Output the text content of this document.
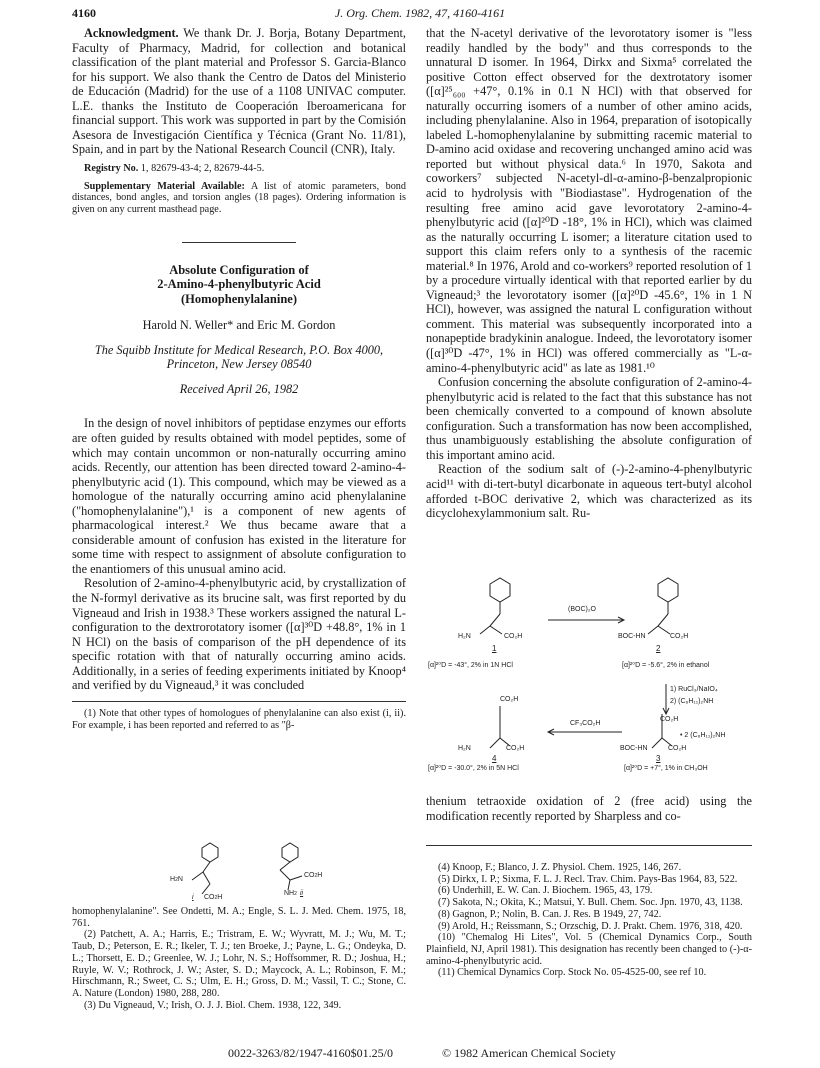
4160	J. Org. Chem. 1982, 47, 4160-4161

Acknowledgment. We thank Dr. J. Borja, Botany Department, Faculty of Pharmacy, Madrid, for collection and botanical classification of the plant material and Professor S. Garcia-Blanco for his support. We also thank the Centro de Datos del Ministerio de Educación (Madrid) for the use of a 1108 UNIVAC computer. L.E. thanks the Instituto de Cooperación Iberoamericana for financial support. This work was supported in part by the Comisión Asesora de Investigación Científica y Técnica (Grant No. 11/81), Spain, and in part by the National Research Council (CNR), Italy.

Registry No. 1, 82679-43-4; 2, 82679-44-5.

Supplementary Material Available: A list of atomic parameters, bond distances, bond angles, and torsion angles (18 pages). Ordering information is given on any current masthead page.

Absolute Configuration of
2-Amino-4-phenylbutyric Acid
(Homophenylalanine)
Harold N. Weller* and Eric M. Gordon
The Squibb Institute for Medical Research, P.O. Box 4000,
Princeton, New Jersey 08540
Received April 26, 1982

In the design of novel inhibitors of peptidase enzymes our efforts are often guided by results obtained with model peptides, some of which may contain uncommon or non-naturally occurring amino acids. Recently, our attention has been directed toward 2-amino-4-phenylbutyric acid (1). This compound, which may be viewed as a homologue of the naturally occurring amino acid phenylalanine ("homophenylalanine"),¹ is a component of new agents of pharmacological interest.² We thus became aware that a considerable amount of confusion has existed in the literature for some time with respect to assignment of absolute configuration to the enantiomers of this unusual amino acid.

Resolution of 2-amino-4-phenylbutyric acid, by crystallization of the N-formyl derivative as its brucine salt, was first reported by du Vigneaud and Irish in 1938.³ These workers assigned the natural L-configuration to the dextrorotatory isomer ([α]³⁰D +48.8°, 1% in 1 N HCl) on the basis of comparison of the pH dependence of its specific rotation with that of naturally occurring amino acids. Additionally, in a series of feeding experiments initiated by Knoop⁴ and verified by du Vigneaud,³ it was concluded

(1) Note that other types of homologues of phenylalanine can also exist (i, ii). For example, i has been reported and referred to as "β-

H2N
CO2H
i
CO2H
NH2 ii

homophenylalanine". See Ondetti, M. A.; Engle, S. L. J. Med. Chem. 1975, 18, 761.

(2) Patchett, A. A.; Harris, E.; Tristram, E. W.; Wyvratt, M. J.; Wu, M. T.; Taub, D.; Peterson, E. R.; Ikeler, T. J.; ten Broeke, J.; Payne, L. G.; Ondeyka, D. L.; Thorsett, E. D.; Greenlee, W. J.; Lohr, N. S.; Hoffsommer, R. D.; Joshua, H.; Ruyle, W. V.; Rothrock, J. W.; Aster, S. D.; Maycock, A. L.; Robinson, F. M.; Hirschmann, R.; Sweet, C. S.; Ulm, E. H.; Gross, D. M.; Vassil, T. C.; Stone, C. A. Nature (London) 1980, 288, 280.

(3) Du Vigneaud, V.; Irish, O. J. J. Biol. Chem. 1938, 122, 349.

that the N-acetyl derivative of the levorotatory isomer is "less readily handled by the body" and thus corresponds to the unnatural D isomer. In 1964, Dirkx and Sixma⁵ correlated the positive Cotton effect observed for the dextrotatory isomer ([α]²⁵₆₀₀ +47°, 0.1% in 0.1 N HCl) with that observed for naturally occurring isomers of a number of other amino acids, including phenylalanine. Also in 1964, preparation of isotopically labeled L-homophenylalanine by submitting racemic material to D-amino acid oxidase and recovering unchanged amino acid was reported but without physical data.⁶ In 1970, Sakota and coworkers⁷ subjected N-acetyl-dl-α-amino-β-benzalpropionic acid to hydrolysis with "Biodiastase". Hydrogenation of the resulting free amino acid gave levorotatory 2-amino-4-phenylbutyric acid ([α]²⁰D -18°, 1% in HCl), which was claimed as the naturally occurring L isomer; a literature citation used to support this claim refers only to a synthesis of the racemic material.⁸ In 1976, Arold and co-workers⁹ reported resolution of 1 by a procedure virtually identical with that reported earlier by du Vigneaud;³ the levorotatory isomer ([α]²⁰D -45.6°, 1% in 1 N HCl), however, was assigned the natural L configuration without comment. This material was subsequently incorporated into a nonapeptide bradykinin analogue. Indeed, the levorotatory isomer ([α]³⁰D -47°, 1% in HCl) was offered commercially as "L-α-amino-4-phenylbutyric acid" as late as 1981.¹⁰

Confusion concerning the absolute configuration of 2-amino-4-phenylbutyric acid is related to the fact that this substance has not been chemically converted to a compound of known absolute configuration. Such a transformation has now been accomplished, thus unambiguously establishing the absolute configuration of this important amino acid.

Reaction of the sodium salt of (-)-2-amino-4-phenylbutyric acid¹¹ with di-tert-butyl dicarbonate in aqueous tert-butyl alcohol afforded t-BOC derivative 2, which was characterized as its dicyclohexylammonium salt. Ru-

H₂N	CO₂H
1
[α]²⁰D = -43°, 2% in 1N HCl
(BOC)₂O
BOC-HN	CO₂H
2
[α]²⁰D = -5.6°, 2% in ethanol
1) RuCl₃/NaIO₄
2) (C₆H₁₁)₂NH
CO₂H
• 2 (C₆H₁₁)₂NH
BOC-HN	CO₂H
3
[α]²⁰D = +7°, 1% in CH₃OH
CF₃CO₂H
CO₂H
H₂N	CO₂H
4
[α]²⁰D = -30.0°, 2% in 5N HCl

thenium tetraoxide oxidation of 2 (free acid) using the modification recently reported by Sharpless and co-

(4) Knoop, F.; Blanco, J. Z. Physiol. Chem. 1925, 146, 267.

(5) Dirkx, I. P.; Sixma, F. L. J. Recl. Trav. Chim. Pays-Bas 1964, 83, 522.

(6) Underhill, E. W. Can. J. Biochem. 1965, 43, 179.

(7) Sakota, N.; Okita, K.; Matsui, Y. Bull. Chem. Soc. Jpn. 1970, 43, 1138.

(8) Gagnon, P.; Nolin, B. Can. J. Res. B 1949, 27, 742.

(9) Arold, H.; Reissmann, S.; Orzschig, D. J. Prakt. Chem. 1976, 318, 420.

(10) "Chemalog Hi Lites", Vol. 5 (Chemical Dynamics Corp., South Plainfield, NJ, April 1981). This designation has recently been changed to (-)-α-amino-4-phenylbutyric acid.

(11) Chemical Dynamics Corp. Stock No. 05-4525-00, see ref 10.

0022-3263/82/1947-4160$01.25/0	© 1982 American Chemical Society
